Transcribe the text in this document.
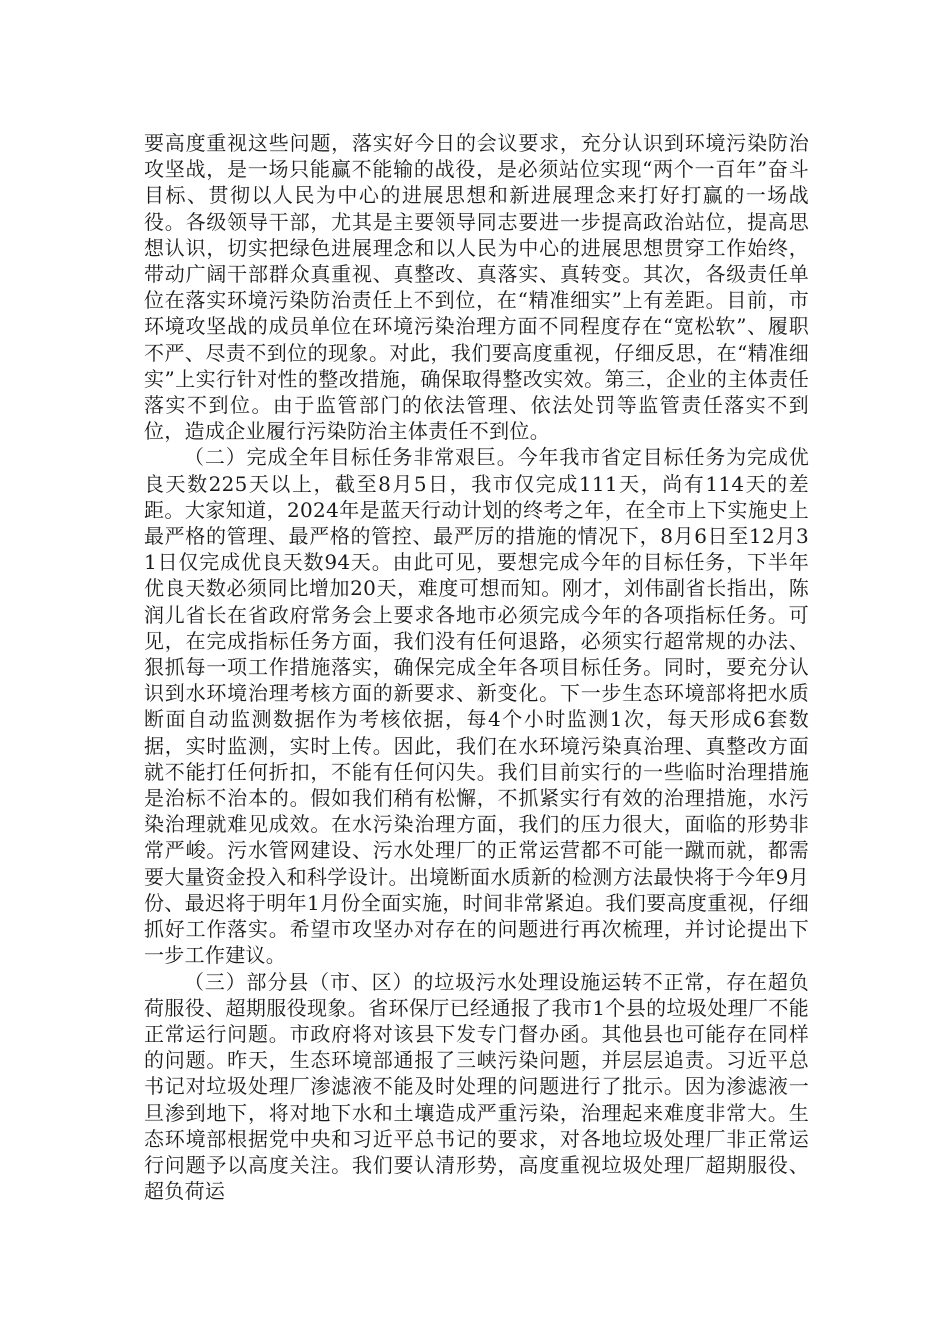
要高度重视这些问题，落实好今日的会议要求，充分认识到环境污染防治攻坚战，是一场只能赢不能输的战役，是必须站位实现“两个一百年”奋斗目标、贯彻以人民为中心的进展思想和新进展理念来打好打赢的一场战役。各级领导干部，尤其是主要领导同志要进一步提高政治站位，提高思想认识，切实把绿色进展理念和以人民为中心的进展思想贯穿工作始终，带动广阔干部群众真重视、真整改、真落实、真转变。其次，各级责任单位在落实环境污染防治责任上不到位，在“精准细实”上有差距。目前，市环境攻坚战的成员单位在环境污染治理方面不同程度存在“宽松软”、履职不严、尽责不到位的现象。对此，我们要高度重视，仔细反思，在“精准细实”上实行针对性的整改措施，确保取得整改实效。第三，企业的主体责任落实不到位。由于监管部门的依法管理、依法处罚等监管责任落实不到位，造成企业履行污染防治主体责任不到位。

（二）完成全年目标任务非常艰巨。今年我市省定目标任务为完成优良天数225天以上，截至8月5日，我市仅完成111天，尚有114天的差距。大家知道，2024年是蓝天行动计划的终考之年，在全市上下实施史上最严格的管理、最严格的管控、最严厉的措施的情况下，8月6日至12月31日仅完成优良天数94天。由此可见，要想完成今年的目标任务，下半年优良天数必须同比增加20天，难度可想而知。刚才，刘伟副省长指出，陈润儿省长在省政府常务会上要求各地市必须完成今年的各项指标任务。可见，在完成指标任务方面，我们没有任何退路，必须实行超常规的办法、狠抓每一项工作措施落实，确保完成全年各项目标任务。同时，要充分认识到水环境治理考核方面的新要求、新变化。下一步生态环境部将把水质断面自动监测数据作为考核依据，每4个小时监测1次，每天形成6套数据，实时监测，实时上传。因此，我们在水环境污染真治理、真整改方面就不能打任何折扣，不能有任何闪失。我们目前实行的一些临时治理措施是治标不治本的。假如我们稍有松懈，不抓紧实行有效的治理措施，水污染治理就难见成效。在水污染治理方面，我们的压力很大，面临的形势非常严峻。污水管网建设、污水处理厂的正常运营都不可能一蹴而就，都需要大量资金投入和科学设计。出境断面水质新的检测方法最快将于今年9月份、最迟将于明年1月份全面实施，时间非常紧迫。我们要高度重视，仔细抓好工作落实。希望市攻坚办对存在的问题进行再次梳理，并讨论提出下一步工作建议。

（三）部分县（市、区）的垃圾污水处理设施运转不正常，存在超负荷服役、超期服役现象。省环保厅已经通报了我市1个县的垃圾处理厂不能正常运行问题。市政府将对该县下发专门督办函。其他县也可能存在同样的问题。昨天，生态环境部通报了三峡污染问题，并层层追责。习近平总书记对垃圾处理厂渗滤液不能及时处理的问题进行了批示。因为渗滤液一旦渗到地下，将对地下水和土壤造成严重污染，治理起来难度非常大。生态环境部根据党中央和习近平总书记的要求，对各地垃圾处理厂非正常运行问题予以高度关注。我们要认清形势，高度重视垃圾处理厂超期服役、超负荷运
